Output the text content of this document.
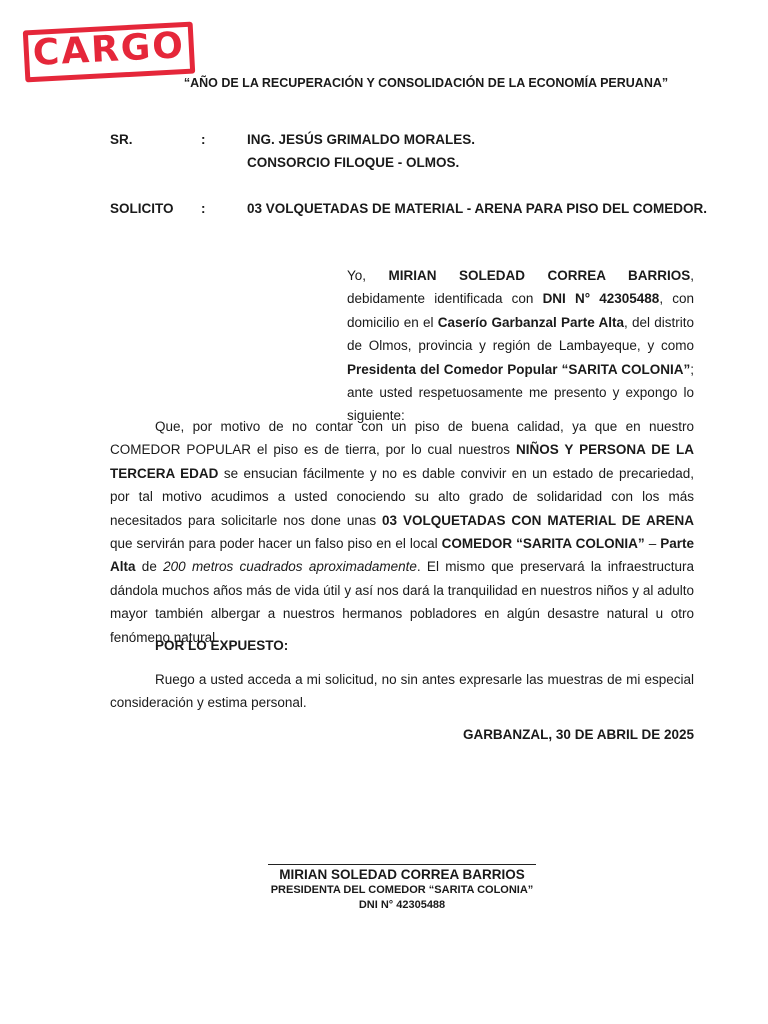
CARGO
“AÑO DE LA RECUPERACIÓN Y CONSOLIDACIÓN DE LA ECONOMÍA PERUANA”
SR.	:	ING. JESÚS GRIMALDO MORALES.
CONSORCIO FILOQUE - OLMOS.
SOLICITO :	03 VOLQUETADAS DE MATERIAL - ARENA PARA PISO DEL COMEDOR.
Yo, MIRIAN SOLEDAD CORREA BARRIOS, debidamente identificada con DNI N° 42305488, con domicilio en el Caserío Garbanzal Parte Alta, del distrito de Olmos, provincia y región de Lambayeque, y como Presidenta del Comedor Popular “SARITA COLONIA”; ante usted respetuosamente me presento y expongo lo siguiente:
Que, por motivo de no contar con un piso de buena calidad, ya que en nuestro COMEDOR POPULAR el piso es de tierra, por lo cual nuestros NIÑOS Y PERSONA DE LA TERCERA EDAD se ensucian fácilmente y no es dable convivir en un estado de precariedad, por tal motivo acudimos a usted conociendo su alto grado de solidaridad con los más necesitados para solicitarle nos done unas 03 VOLQUETADAS CON MATERIAL DE ARENA que servirán para poder hacer un falso piso en el local COMEDOR “SARITA COLONIA” – Parte Alta de 200 metros cuadrados aproximadamente. El mismo que preservará la infraestructura dándola muchos años más de vida útil y así nos dará la tranquilidad en nuestros niños y al adulto mayor también albergar a nuestros hermanos pobladores en algún desastre natural u otro fenómeno natural.
POR LO EXPUESTO:
Ruego a usted acceda a mi solicitud, no sin antes expresarle las muestras de mi especial consideración y estima personal.
GARBANZAL, 30 DE ABRIL DE 2025
MIRIAN SOLEDAD CORREA BARRIOS
PRESIDENTA DEL COMEDOR “SARITA COLONIA”
DNI N° 42305488
